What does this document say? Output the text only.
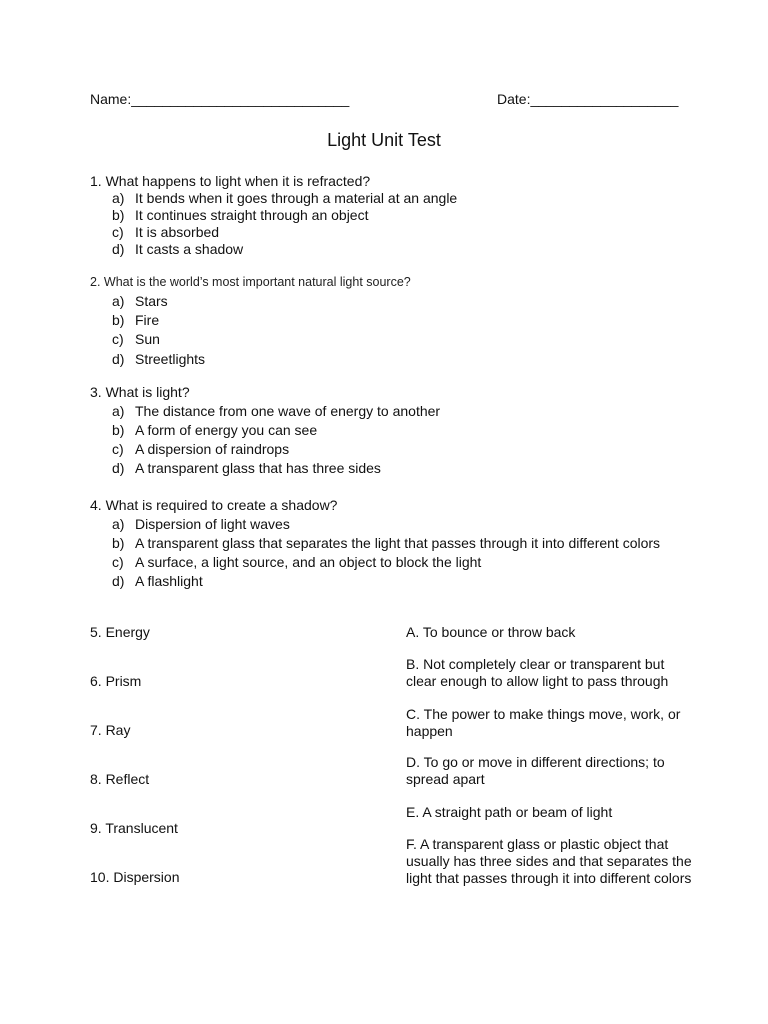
Name:____________________________	Date:___________________
Light Unit Test
1. What happens to light when it is refracted?
a) It bends when it goes through a material at an angle
b) It continues straight through an object
c) It is absorbed
d) It casts a shadow
2. What is the world’s most important natural light source?
a) Stars
b) Fire
c) Sun
d) Streetlights
3. What is light?
a) The distance from one wave of energy to another
b) A form of energy you can see
c) A dispersion of raindrops
d) A transparent glass that has three sides
4. What is required to create a shadow?
a) Dispersion of light waves
b) A transparent glass that separates the light that passes through it into different colors
c) A surface, a light source, and an object to block the light
d) A flashlight
5. Energy
6. Prism
7. Ray
8. Reflect
9. Translucent
10. Dispersion
A. To bounce or throw back
B. Not completely clear or transparent but clear enough to allow light to pass through
C. The power to make things move, work, or happen
D. To go or move in different directions; to spread apart
E. A straight path or beam of light
F. A transparent glass or plastic object that usually has three sides and that separates the light that passes through it into different colors
